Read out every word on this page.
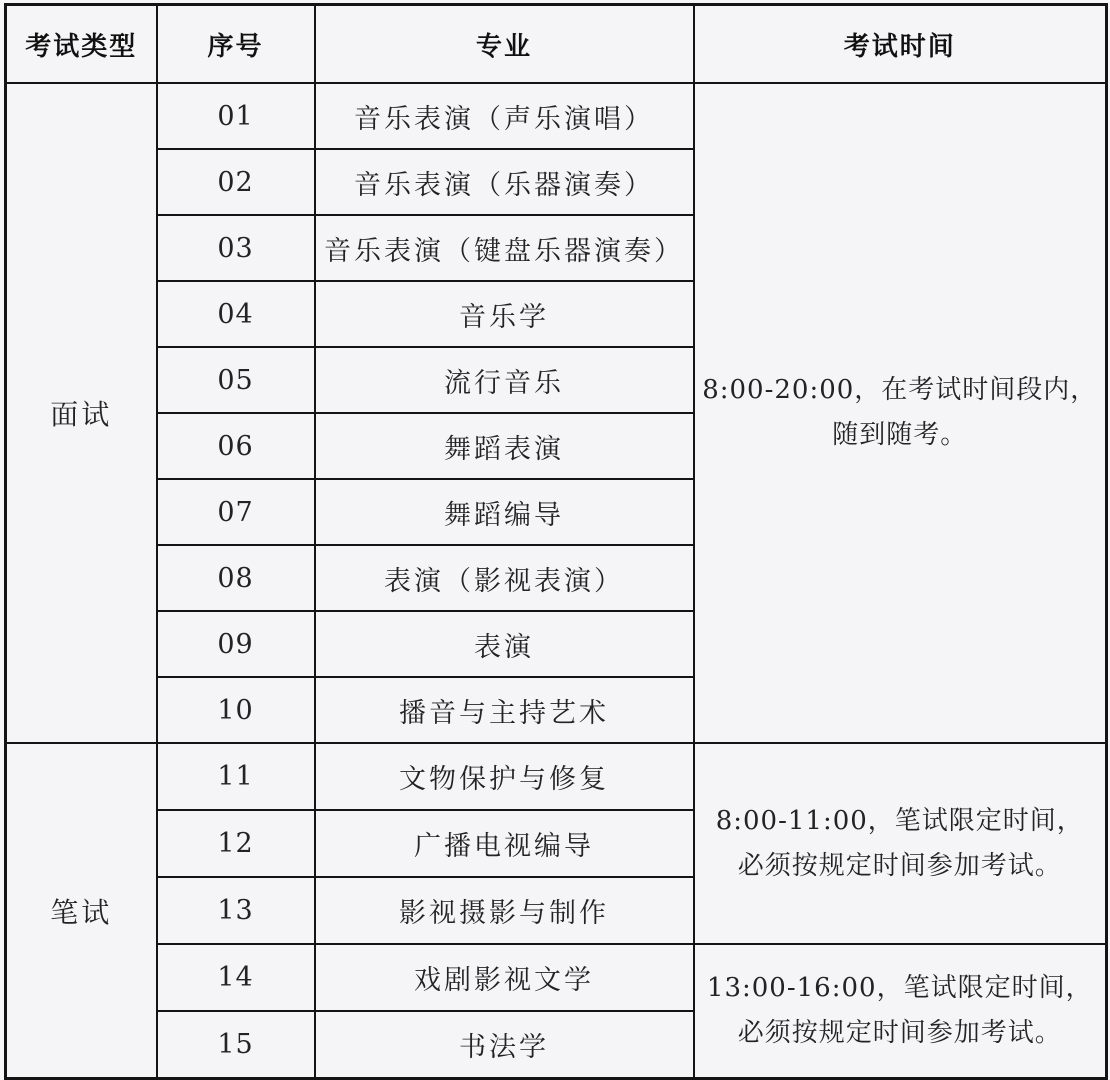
考试类型	序号	专业	考试时间
面试	01	音乐表演（声乐演唱）	8:00-20:00，在考试时间段内，
随到随考。

	02	音乐表演（乐器演奏）	
	03	音乐表演（键盘乐器演奏）	
	04	音乐学	
	05	流行音乐	
	06	舞蹈表演	
	07	舞蹈编导	
	08	表演（影视表演）	
	09	表演	
	10	播音与主持艺术	
笔试	11	文物保护与修复	8:00-11:00，笔试限定时间，
必须按规定时间参加考试。

	12	广播电视编导	
	13	影视摄影与制作	
	14	戏剧影视文学	13:00-16:00，笔试限定时间，
必须按规定时间参加考试。

	15	书法学	
